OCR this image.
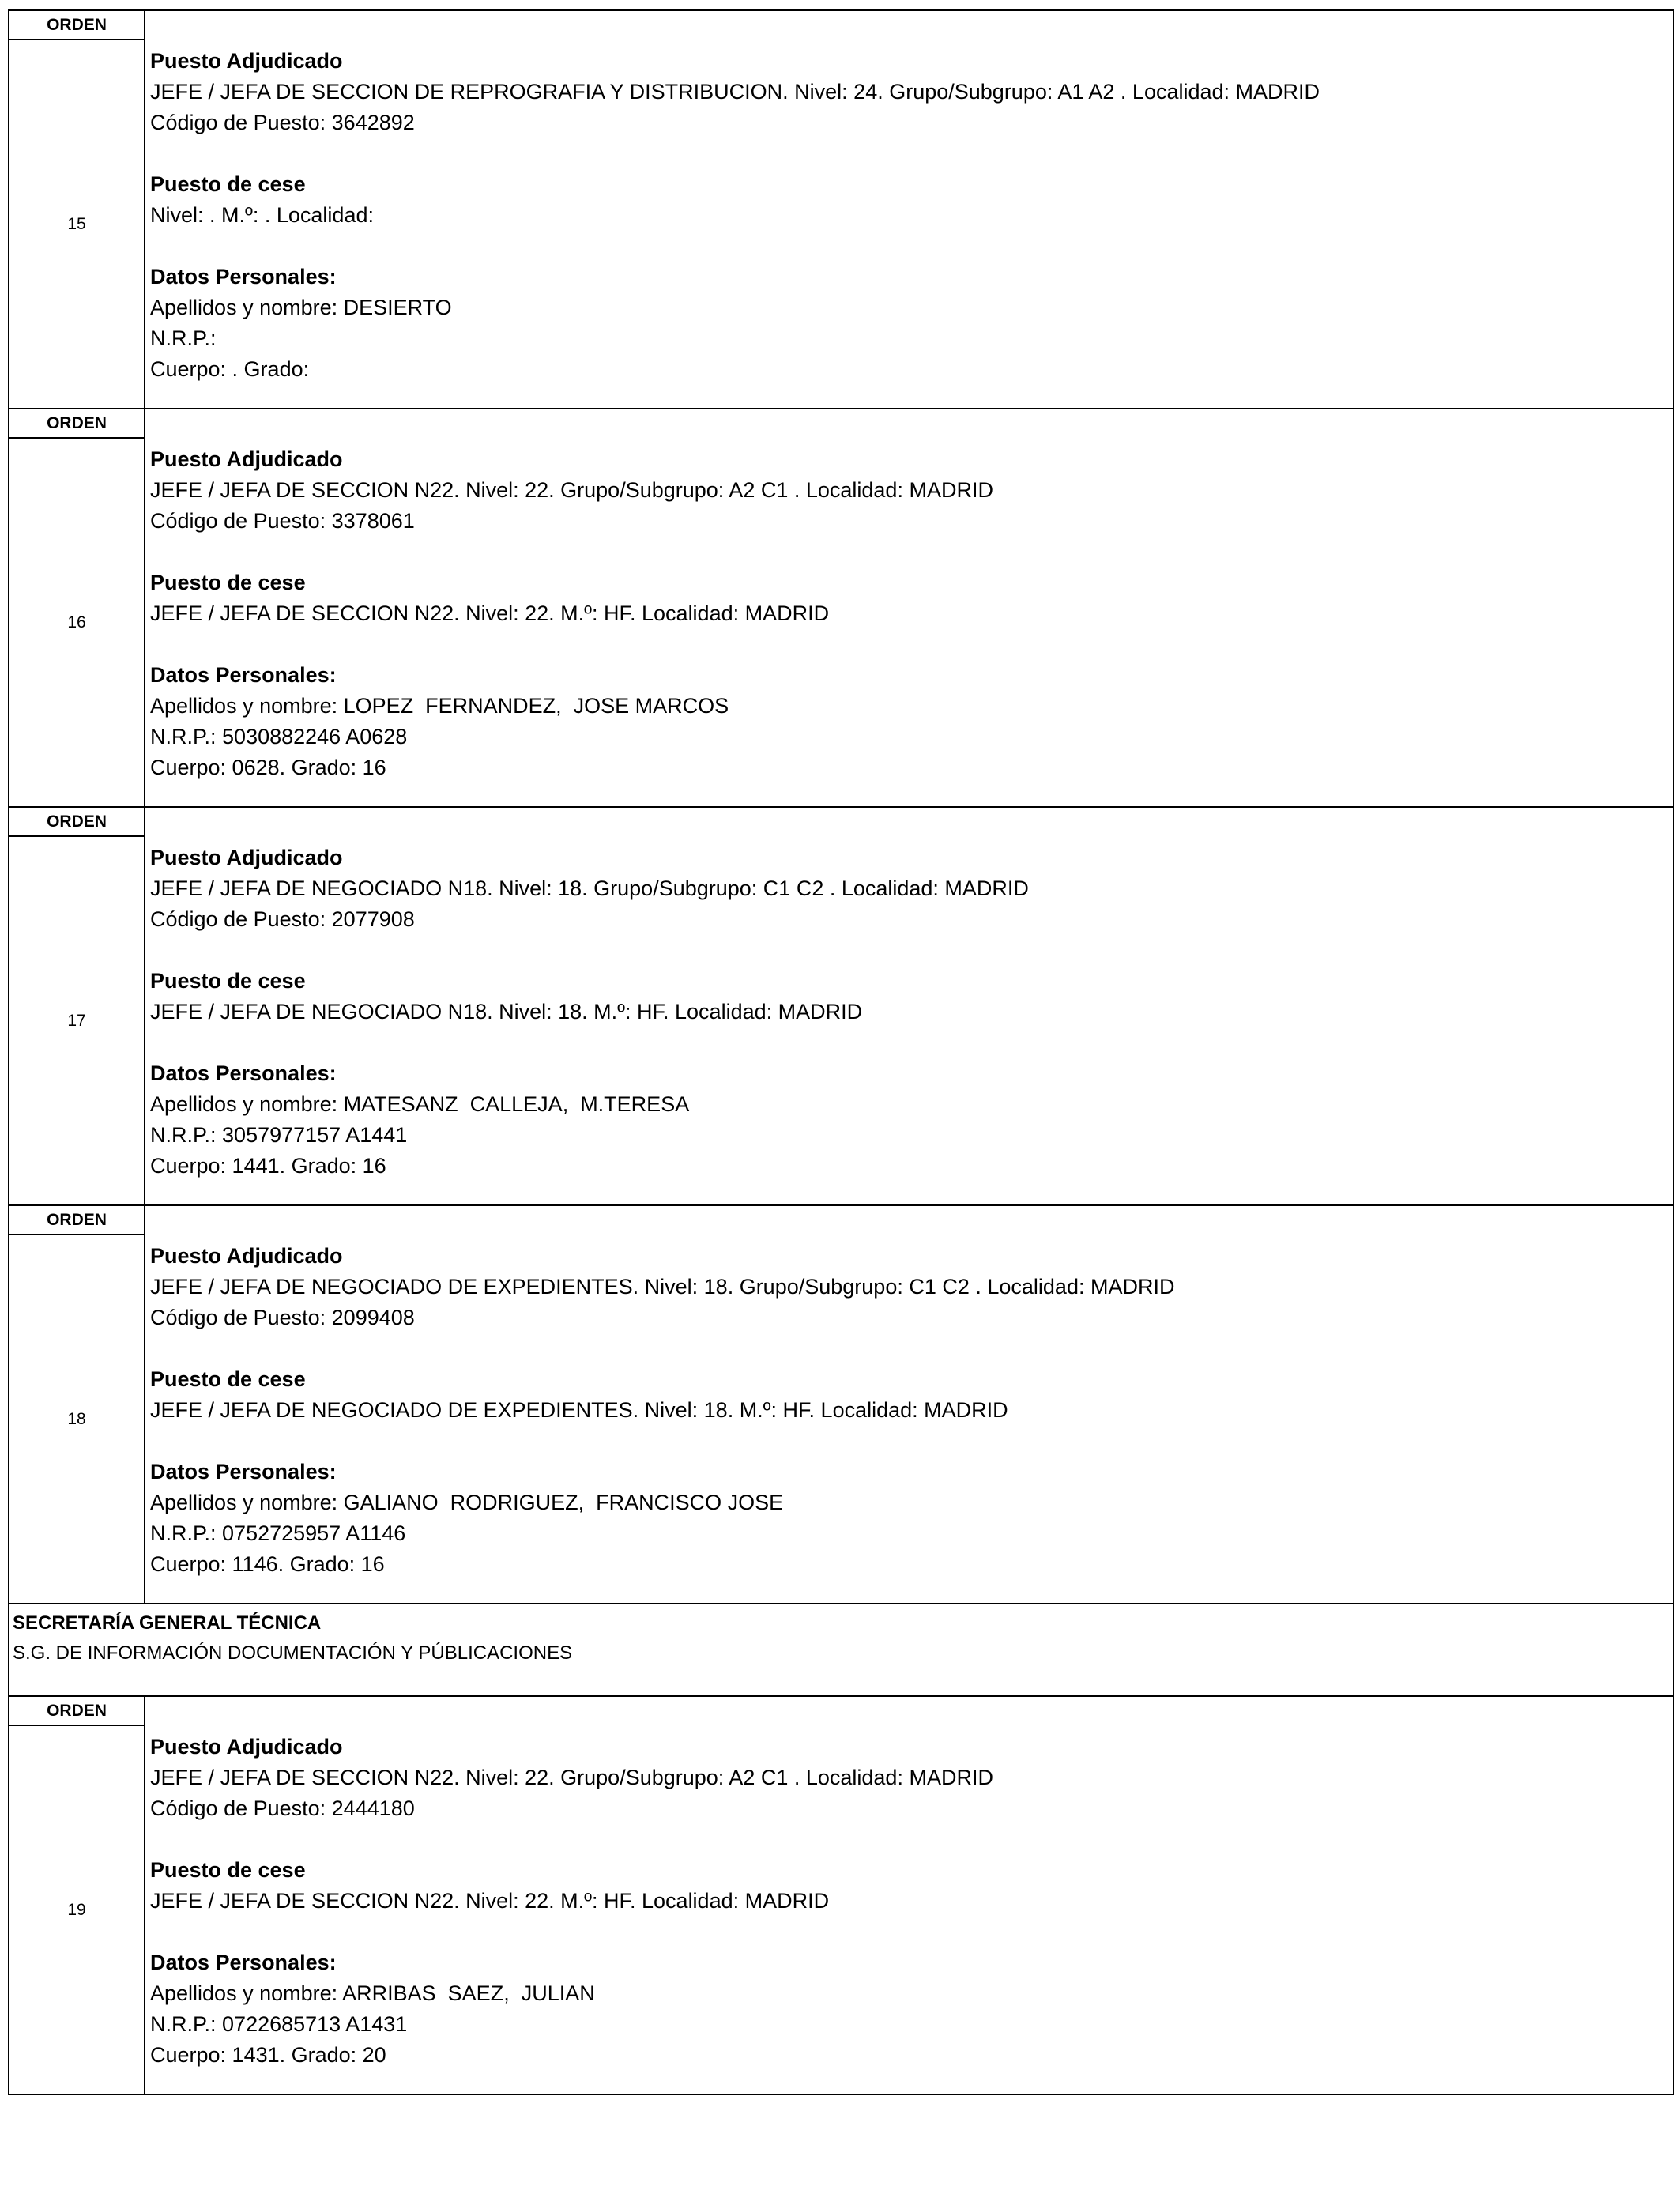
ORDEN
15
Puesto Adjudicado
JEFE / JEFA DE SECCION DE REPROGRAFIA Y DISTRIBUCION. Nivel: 24. Grupo/Subgrupo: A1 A2 . Localidad: MADRID
Código de Puesto: 3642892
Puesto de cese
Nivel: . M.º: . Localidad:
Datos Personales:
Apellidos y nombre: DESIERTO
N.R.P.:
Cuerpo: . Grado:
ORDEN
16
Puesto Adjudicado
JEFE / JEFA DE SECCION N22. Nivel: 22. Grupo/Subgrupo: A2 C1 . Localidad: MADRID
Código de Puesto: 3378061
Puesto de cese
JEFE / JEFA DE SECCION N22. Nivel: 22. M.º: HF. Localidad: MADRID
Datos Personales:
Apellidos y nombre: LOPEZ  FERNANDEZ,  JOSE MARCOS
N.R.P.: 5030882246 A0628
Cuerpo: 0628. Grado: 16
ORDEN
17
Puesto Adjudicado
JEFE / JEFA DE NEGOCIADO N18. Nivel: 18. Grupo/Subgrupo: C1 C2 . Localidad: MADRID
Código de Puesto: 2077908
Puesto de cese
JEFE / JEFA DE NEGOCIADO N18. Nivel: 18. M.º: HF. Localidad: MADRID
Datos Personales:
Apellidos y nombre: MATESANZ  CALLEJA,  M.TERESA
N.R.P.: 3057977157 A1441
Cuerpo: 1441. Grado: 16
ORDEN
18
Puesto Adjudicado
JEFE / JEFA DE NEGOCIADO DE EXPEDIENTES. Nivel: 18. Grupo/Subgrupo: C1 C2 . Localidad: MADRID
Código de Puesto: 2099408
Puesto de cese
JEFE / JEFA DE NEGOCIADO DE EXPEDIENTES. Nivel: 18. M.º: HF. Localidad: MADRID
Datos Personales:
Apellidos y nombre: GALIANO  RODRIGUEZ,  FRANCISCO JOSE
N.R.P.: 0752725957 A1146
Cuerpo: 1146. Grado: 16
SECRETARÍA GENERAL TÉCNICA
S.G. DE INFORMACIÓN DOCUMENTACIÓN Y PÚBLICACIONES
ORDEN
19
Puesto Adjudicado
JEFE / JEFA DE SECCION N22. Nivel: 22. Grupo/Subgrupo: A2 C1 . Localidad: MADRID
Código de Puesto: 2444180
Puesto de cese
JEFE / JEFA DE SECCION N22. Nivel: 22. M.º: HF. Localidad: MADRID
Datos Personales:
Apellidos y nombre: ARRIBAS  SAEZ,  JULIAN
N.R.P.: 0722685713 A1431
Cuerpo: 1431. Grado: 20
